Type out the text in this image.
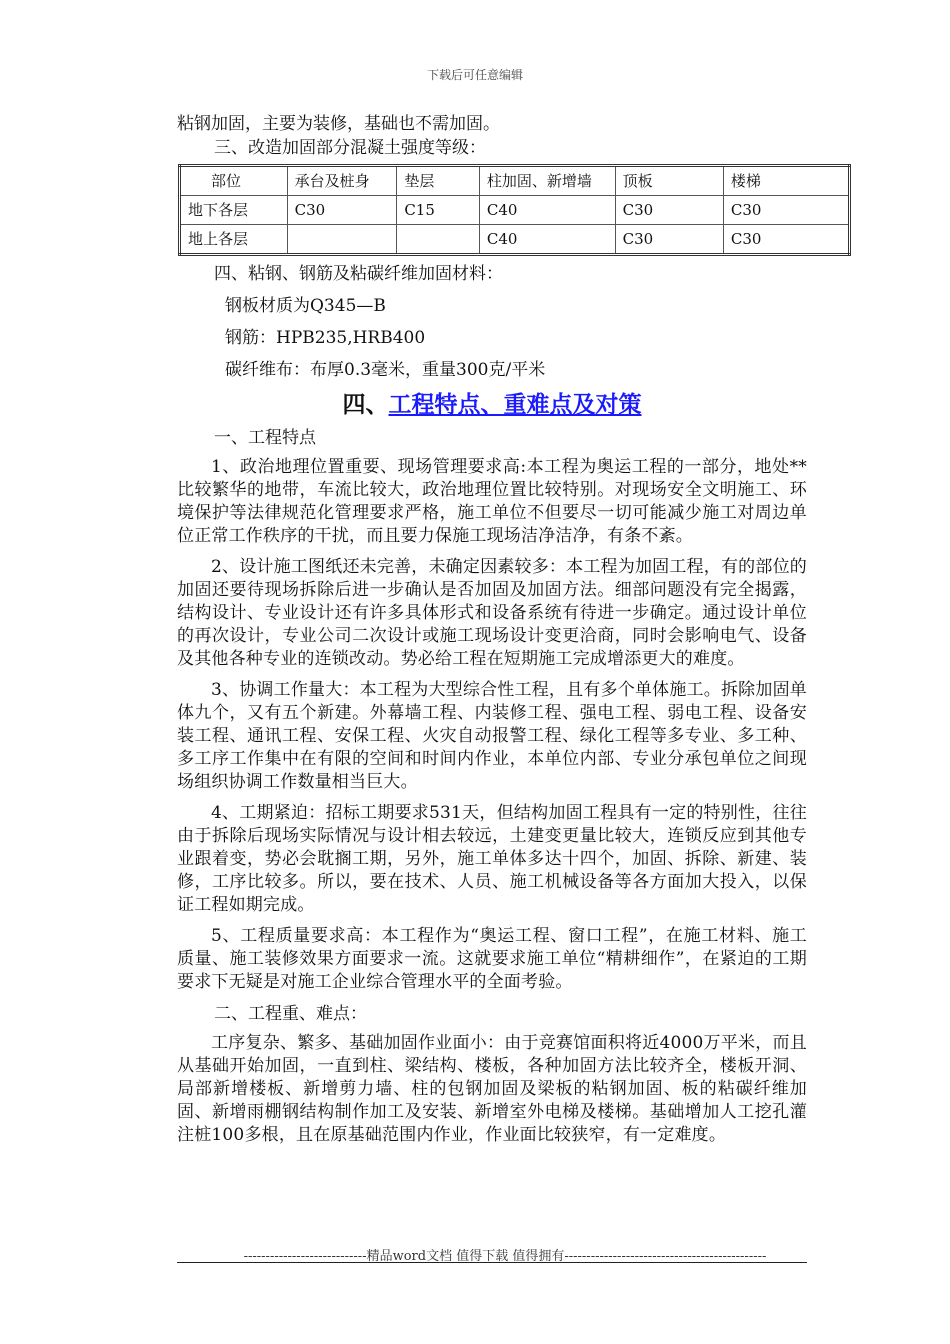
下载后可任意编辑

粘钢加固，主要为装修，基础也不需加固。

三、改造加固部分混凝土强度等级：

部位	承台及桩身	垫层	柱加固、新增墙	顶板	楼梯
地下各层	C30	C15	C40	C30	C30
地上各层			C40	C30	C30

四、粘钢、钢筋及粘碳纤维加固材料：

钢板材质为Q345—B

钢筋：HPB235,HRB400

碳纤维布：布厚0.3毫米，重量300克/平米

四、工程特点、重难点及对策

一、工程特点

1、政治地理位置重要、现场管理要求高:本工程为奥运工程的一部分，地处**比较繁华的地带，车流比较大，政治地理位置比较特别。对现场安全文明施工、环境保护等法律规范化管理要求严格，施工单位不但要尽一切可能减少施工对周边单位正常工作秩序的干扰，而且要力保施工现场洁净洁净，有条不紊。

2、设计施工图纸还未完善，未确定因素较多：本工程为加固工程，有的部位的加固还要待现场拆除后进一步确认是否加固及加固方法。细部问题没有完全揭露，结构设计、专业设计还有许多具体形式和设备系统有待进一步确定。通过设计单位的再次设计，专业公司二次设计或施工现场设计变更洽商，同时会影响电气、设备及其他各种专业的连锁改动。势必给工程在短期施工完成增添更大的难度。

3、协调工作量大：本工程为大型综合性工程，且有多个单体施工。拆除加固单体九个，又有五个新建。外幕墙工程、内装修工程、强电工程、弱电工程、设备安装工程、通讯工程、安保工程、火灾自动报警工程、绿化工程等多专业、多工种、多工序工作集中在有限的空间和时间内作业，本单位内部、专业分承包单位之间现场组织协调工作数量相当巨大。

4、工期紧迫：招标工期要求531天，但结构加固工程具有一定的特别性，往往由于拆除后现场实际情况与设计相去较远，土建变更量比较大，连锁反应到其他专业跟着变，势必会耽搁工期，另外，施工单体多达十四个，加固、拆除、新建、装修，工序比较多。所以，要在技术、人员、施工机械设备等各方面加大投入，以保证工程如期完成。

5、工程质量要求高：本工程作为“奥运工程、窗口工程”，在施工材料、施工质量、施工装修效果方面要求一流。这就要求施工单位“精耕细作”，在紧迫的工期要求下无疑是对施工企业综合管理水平的全面考验。

二、工程重、难点：

工序复杂、繁多、基础加固作业面小：由于竞赛馆面积将近4000万平米，而且从基础开始加固，一直到柱、梁结构、楼板，各种加固方法比较齐全，楼板开洞、局部新增楼板、新增剪力墙、柱的包钢加固及梁板的粘钢加固、板的粘碳纤维加固、新增雨棚钢结构制作加工及安装、新增室外电梯及楼梯。基础增加人工挖孔灌注桩100多根，且在原基础范围内作业，作业面比较狭窄，有一定难度。

----------------------------精品word文档 值得下载 值得拥有----------------------------------------------
